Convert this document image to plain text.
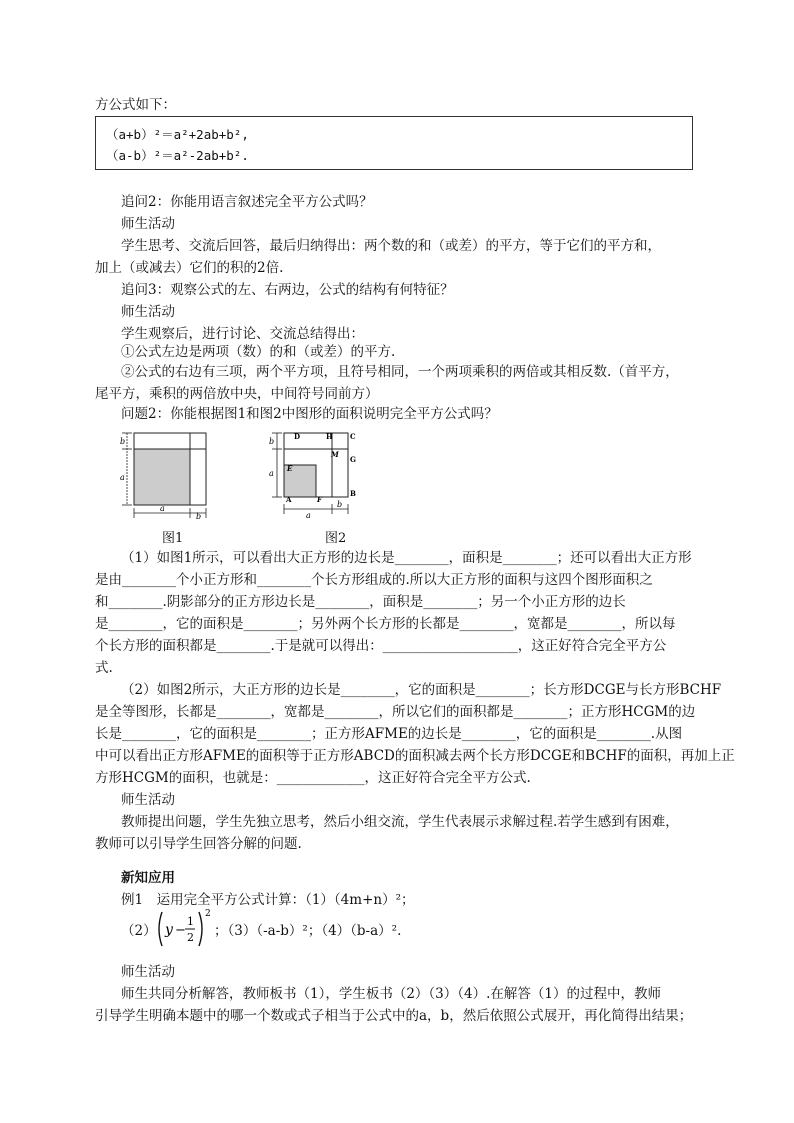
方公式如下：
（a+b）²＝a²+2ab+b²,
（a-b）²＝a²-2ab+b².
追问2：你能用语言叙述完全平方公式吗？
师生活动
学生思考、交流后回答，最后归纳得出：两个数的和（或差）的平方，等于它们的平方和，
加上（或减去）它们的积的2倍.
追问3：观察公式的左、右两边，公式的结构有何特征？
师生活动
学生观察后，进行讨论、交流总结得出：
①公式左边是两项（数）的和（或差）的平方.
②公式的右边有三项，两个平方项，且符号相同，一个两项乘积的两倍或其相反数.（首平方，
尾平方，乘积的两倍放中央，中间符号同前方）
问题2：你能根据图1和图2中图形的面积说明完全平方公式吗？
b
a
a
b
图1
D	H C
G
M
E
A	F
B
b
a
a
b
图2
（1）如图1所示，可以看出大正方形的边长是________，面积是________；还可以看出大正方形
是由________个小正方形和________个长方形组成的.所以大正方形的面积与这四个图形面积之
和________.阴影部分的正方形边长是________，面积是________；另一个小正方形的边长
是________，它的面积是________；另外两个长方形的长都是________，宽都是________，所以每
个长方形的面积都是________.于是就可以得出：____________________，这正好符合完全平方公
式.
（2）如图2所示，大正方形的边长是________，它的面积是________；长方形DCGE与长方形BCHF
是全等图形，长都是________，宽都是________，所以它们的面积都是________；正方形HCGM的边
长是________，它的面积是________；正方形AFME的边长是________，它的面积是________.从图
中可以看出正方形AFME的面积等于正方形ABCD的面积减去两个长方形DCGE和BCHF的面积，再加上正
方形HCGM的面积，也就是：_____________，这正好符合完全平方公式.
师生活动
教师提出问题，学生先独立思考，然后小组交流，学生代表展示求解过程.若学生感到有困难，
教师可以引导学生回答分解的问题.
新知应用
例1　运用完全平方公式计算：（1）（4m+n）²；
（2） y −
1
2
2
；（3）（-a-b）²；（4）（b-a）².
师生活动
师生共同分析解答，教师板书（1），学生板书（2）（3）（4）.在解答（1）的过程中，教师
引导学生明确本题中的哪一个数或式子相当于公式中的a，b，然后依照公式展开，再化简得出结果；
